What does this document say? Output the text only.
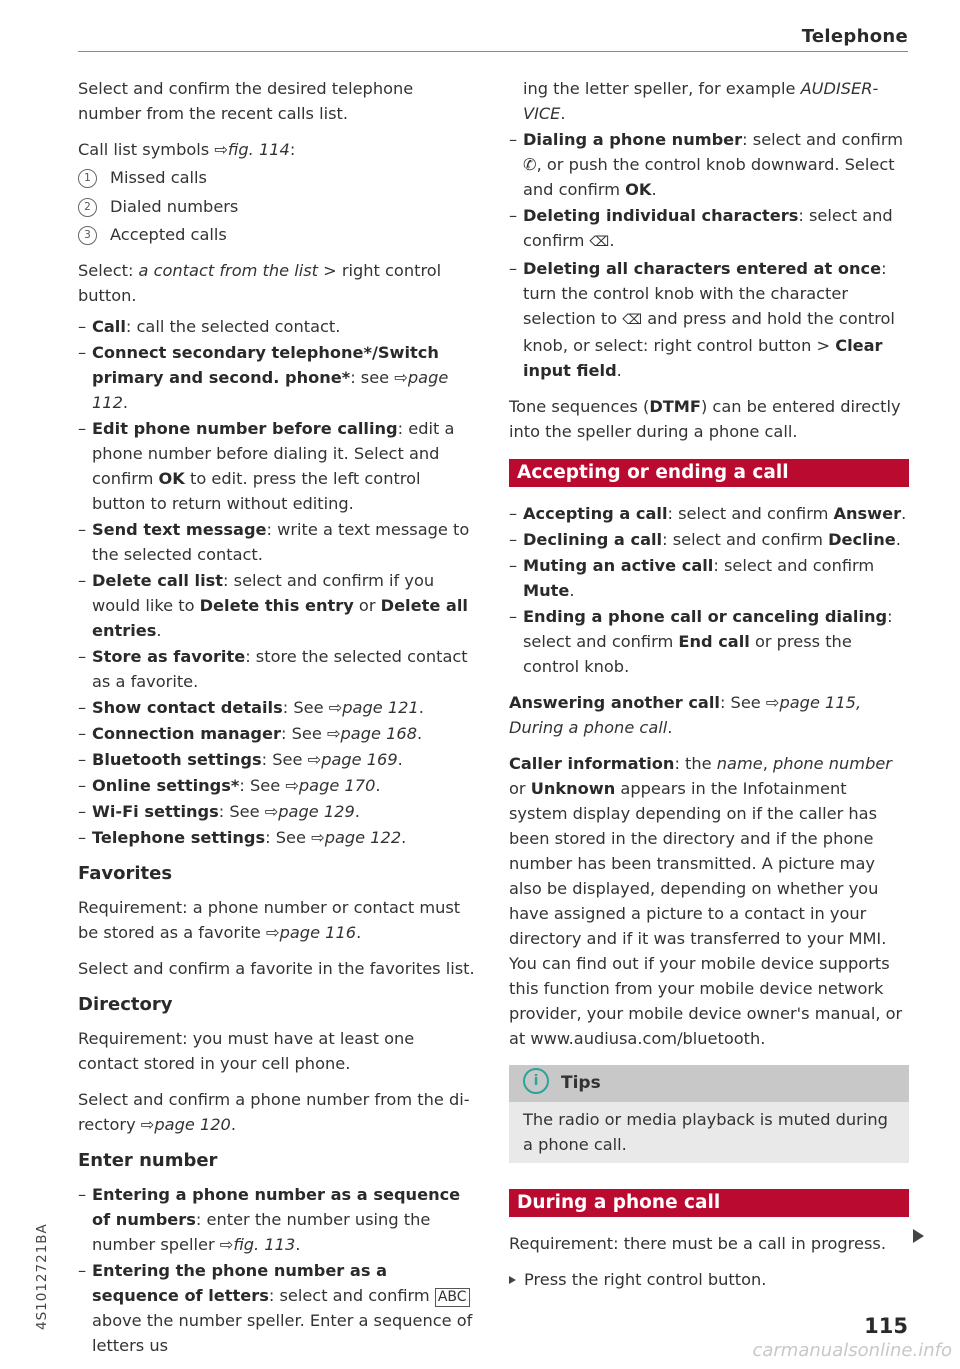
Telephone

Select and confirm the desired telephone number from the recent calls list.

Call list symbols ⇨fig. 114:

1	Missed calls
2	Dialed numbers
3	Accepted calls

Select: a contact from the list > right control button.

– Call: call the selected contact.
– Connect secondary telephone*/Switch primary and second. phone*: see ⇨page 112.
– Edit phone number before calling: edit a phone number before dialing it. Select and confirm OK to edit. press the left control button to return without editing.
– Send text message: write a text message to the selected contact.
– Delete call list: select and confirm if you would like to Delete this entry or Delete all entries.
– Store as favorite: store the selected contact as a favorite.
– Show contact details: See ⇨page 121.
– Connection manager: See ⇨page 168.
– Bluetooth settings: See ⇨page 169.
– Online settings*: See ⇨page 170.
– Wi-Fi settings: See ⇨page 129.
– Telephone settings: See ⇨page 122.
Favorites

Requirement: a phone number or contact must be stored as a favorite ⇨page 116.

Select and confirm a favorite in the favorites list.

Directory

Requirement: you must have at least one contact stored in your cell phone.

Select and confirm a phone number from the directory ⇨page 120.

Enter number
– Entering a phone number as a sequence of numbers: enter the number using the number speller ⇨fig. 113.
– Entering the phone number as a sequence of letters: select and confirm ABC above the number speller. Enter a sequence of letters us

ing the letter speller, for example AUDISERVICE.

– Dialing a phone number: select and confirm ✆, or push the control knob downward. Select and confirm OK.
– Deleting individual characters: select and confirm ⌫.
– Deleting all characters entered at once: turn the control knob with the character selection to ⌫ and press and hold the control knob, or select: right control button > Clear input field.

Tone sequences (DTMF) can be entered directly into the speller during a phone call.

Accepting or ending a call
– Accepting a call: select and confirm Answer.
– Declining a call: select and confirm Decline.
– Muting an active call: select and confirm Mute.
– Ending a phone call or canceling dialing: select and confirm End call or press the control knob.

Answering another call: See ⇨page 115, During a phone call.

Caller information: the name, phone number or Unknown appears in the Infotainment system display depending on if the caller has been stored in the directory and if the phone number has been transmitted. A picture may also be displayed, depending on whether you have assigned a picture to a contact in your directory and if it was transferred to your MMI. You can find out if your mobile device supports this function from your mobile device network provider, your mobile device owner's manual, or at www.audiusa.com/bluetooth.

i Tips
The radio or media playback is muted during a phone call.
During a phone call

Requirement: there must be a call in progress.

Press the right control button.

4S1012721BA	115
carmanualsonline.info
